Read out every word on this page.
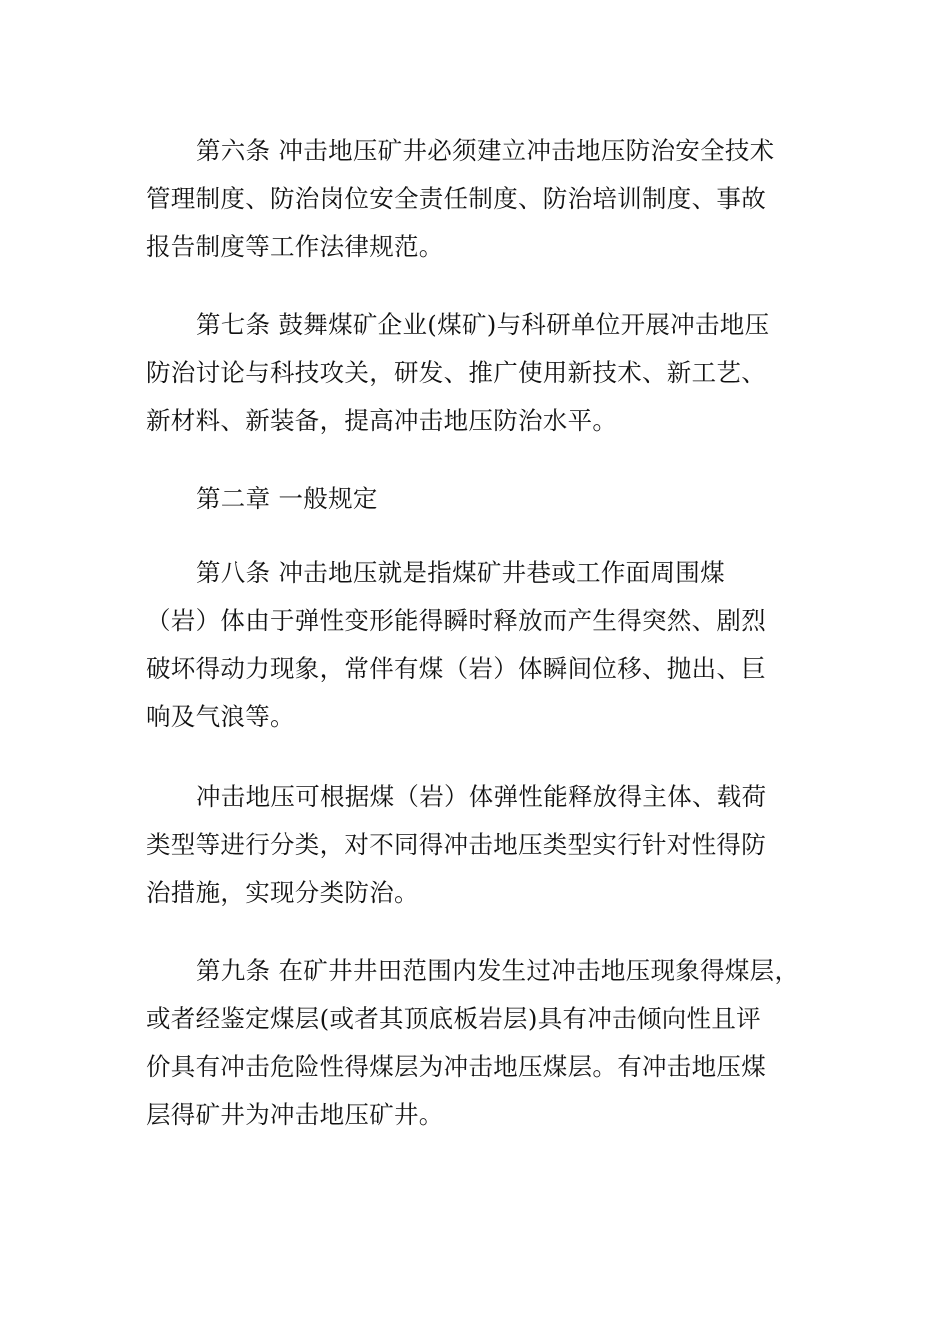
第六条 冲击地压矿井必须建立冲击地压防治安全技术
管理制度、防治岗位安全责任制度、防治培训制度、事故
报告制度等工作法律规范。
第七条 鼓舞煤矿企业(煤矿)与科研单位开展冲击地压
防治讨论与科技攻关，研发、推广使用新技术、新工艺、
新材料、新装备，提高冲击地压防治水平。
第二章 一般规定
第八条 冲击地压就是指煤矿井巷或工作面周围煤
（岩）体由于弹性变形能得瞬时释放而产生得突然、剧烈
破坏得动力现象，常伴有煤（岩）体瞬间位移、抛出、巨
响及气浪等。
冲击地压可根据煤（岩）体弹性能释放得主体、载荷
类型等进行分类，对不同得冲击地压类型实行针对性得防
治措施，实现分类防治。
第九条 在矿井井田范围内发生过冲击地压现象得煤层，
或者经鉴定煤层(或者其顶底板岩层)具有冲击倾向性且评
价具有冲击危险性得煤层为冲击地压煤层。有冲击地压煤
层得矿井为冲击地压矿井。
